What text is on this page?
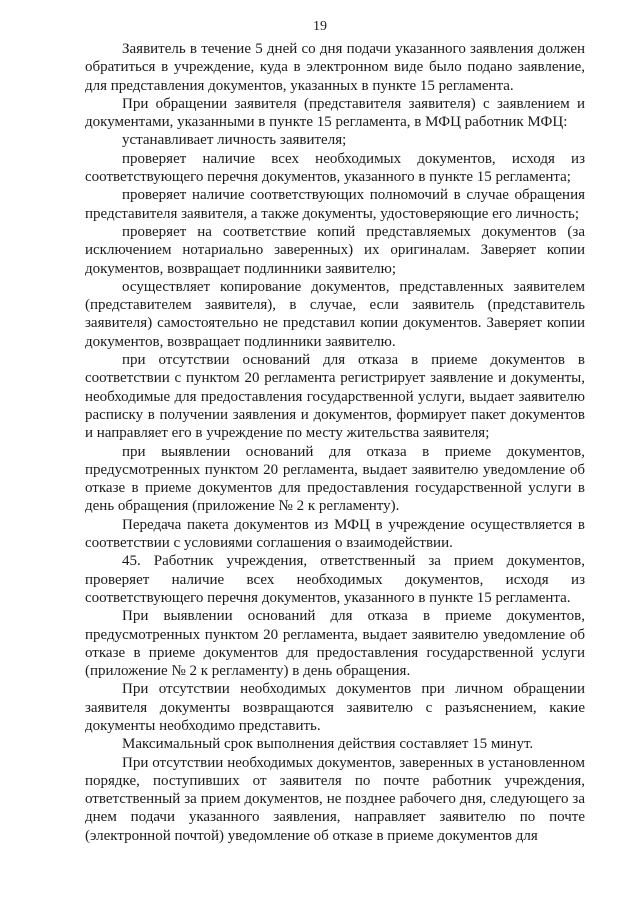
19

Заявитель в течение 5 дней со дня подачи указанного заявления должен обратиться в учреждение, куда в электронном виде было подано заявление, для представления документов, указанных в пункте 15 регламента.

При обращении заявителя (представителя заявителя) с заявлением и документами, указанными в пункте 15 регламента, в МФЦ работник МФЦ:

устанавливает личность заявителя;

проверяет наличие всех необходимых документов, исходя из соответствующего перечня документов, указанного в пункте 15 регламента;

проверяет наличие соответствующих полномочий в случае обращения представителя заявителя, а также документы, удостоверяющие его личность;

проверяет на соответствие копий представляемых документов (за исключением нотариально заверенных) их оригиналам. Заверяет копии документов, возвращает подлинники заявителю;

осуществляет копирование документов, представленных заявителем (представителем заявителя), в случае, если заявитель (представитель заявителя) самостоятельно не представил копии документов. Заверяет копии документов, возвращает подлинники заявителю.

при отсутствии оснований для отказа в приеме документов в соответствии с пунктом 20 регламента регистрирует заявление и документы, необходимые для предоставления государственной услуги, выдает заявителю расписку в получении заявления и документов, формирует пакет документов и направляет его в учреждение по месту жительства заявителя;

при выявлении оснований для отказа в приеме документов, предусмотренных пунктом 20 регламента, выдает заявителю уведомление об отказе в приеме документов для предоставления государственной услуги в день обращения (приложение № 2 к регламенту).

Передача пакета документов из МФЦ в учреждение осуществляется в соответствии с условиями соглашения о взаимодействии.

45. Работник учреждения, ответственный за прием документов, проверяет наличие всех необходимых документов, исходя из соответствующего перечня документов, указанного в пункте 15 регламента.

При выявлении оснований для отказа в приеме документов, предусмотренных пунктом 20 регламента, выдает заявителю уведомление об отказе в приеме документов для предоставления государственной услуги (приложение № 2 к регламенту) в день обращения.

При отсутствии необходимых документов при личном обращении заявителя документы возвращаются заявителю с разъяснением, какие документы необходимо представить.

Максимальный срок выполнения действия составляет 15 минут.

При отсутствии необходимых документов, заверенных в установленном порядке, поступивших от заявителя по почте работник учреждения, ответственный за прием документов, не позднее рабочего дня, следующего за днем подачи указанного заявления, направляет заявителю по почте (электронной почтой) уведомление об отказе в приеме документов для
